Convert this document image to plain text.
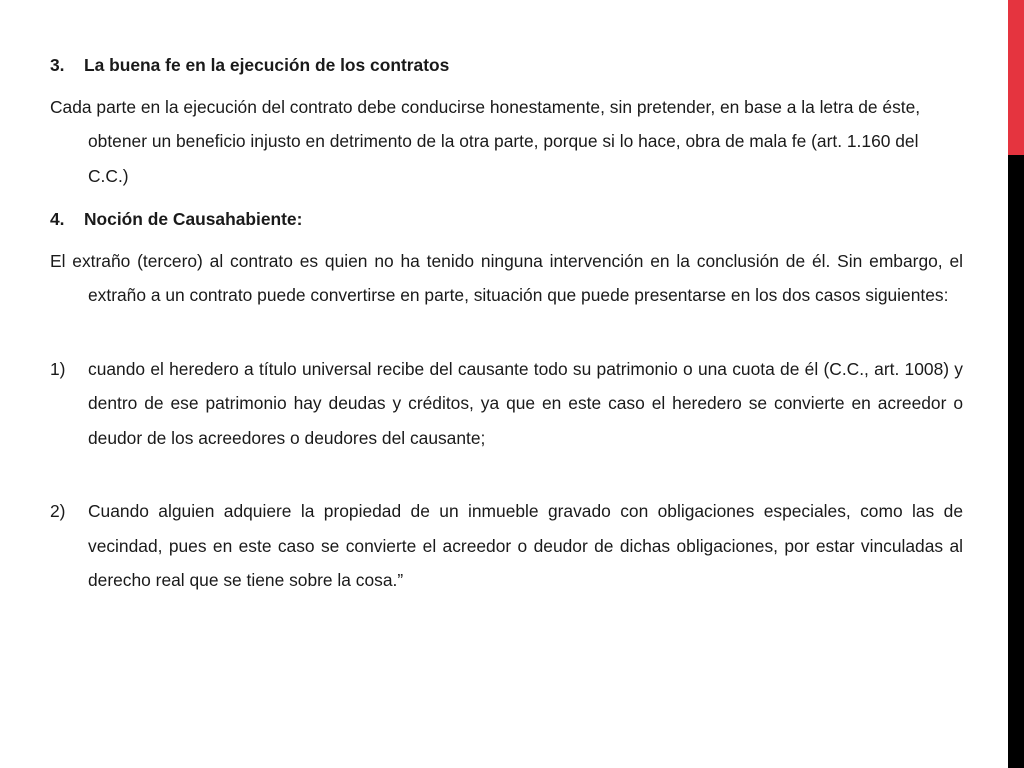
3.	La buena fe en la ejecución de los contratos

Cada parte en la ejecución del contrato debe conducirse honestamente, sin pretender, en base a la letra de éste, obtener un beneficio injusto en detrimento de la otra parte, porque si lo hace, obra de mala fe (art. 1.160 del C.C.)

4.	Noción de Causahabiente:

El extraño (tercero) al contrato es quien no ha tenido ninguna intervención en la conclusión de él. Sin embargo, el extraño a un contrato puede convertirse en parte, situación que puede presentarse en los dos casos siguientes:

1)	cuando el heredero a título universal recibe del causante todo su patrimonio o una cuota de él (C.C., art. 1008) y dentro de ese patrimonio hay deudas y créditos, ya que en este caso el heredero se convierte en acreedor o deudor de los acreedores o deudores del causante;
2)	Cuando alguien adquiere la propiedad de un inmueble gravado con obligaciones especiales, como las de vecindad, pues en este caso se convierte el acreedor o deudor de dichas obligaciones, por estar vinculadas al derecho real que se tiene sobre la cosa.”
